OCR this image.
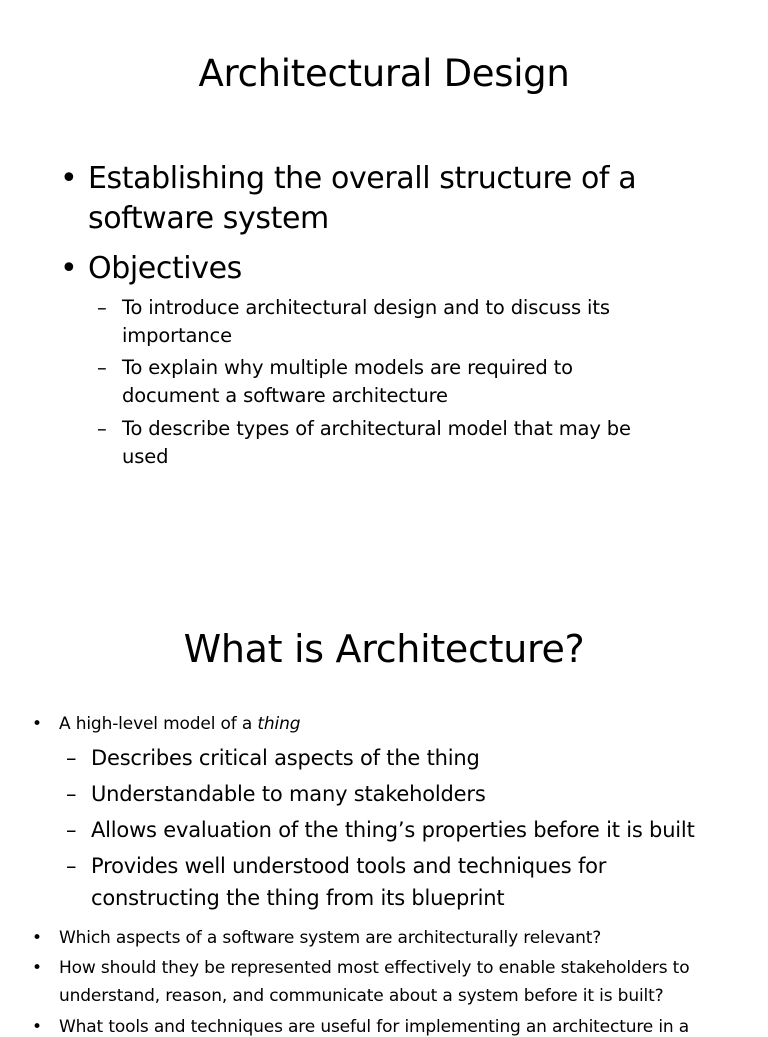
Architectural Design
• Establishing the overall structure of a
software system
• Objectives
– To introduce architectural design and to discuss its
importance
– To explain why multiple models are required to
document a software architecture
– To describe types of architectural model that may be
used
What is Architecture?
• A high-level model of a thing
– Describes critical aspects of the thing
– Understandable to many stakeholders
– Allows evaluation of the thing’s properties before it is built
– Provides well understood tools and techniques for
constructing the thing from its blueprint
• Which aspects of a software system are architecturally relevant?
• How should they be represented most effectively to enable stakeholders to
understand, reason, and communicate about a system before it is built?
• What tools and techniques are useful for implementing an architecture in a
